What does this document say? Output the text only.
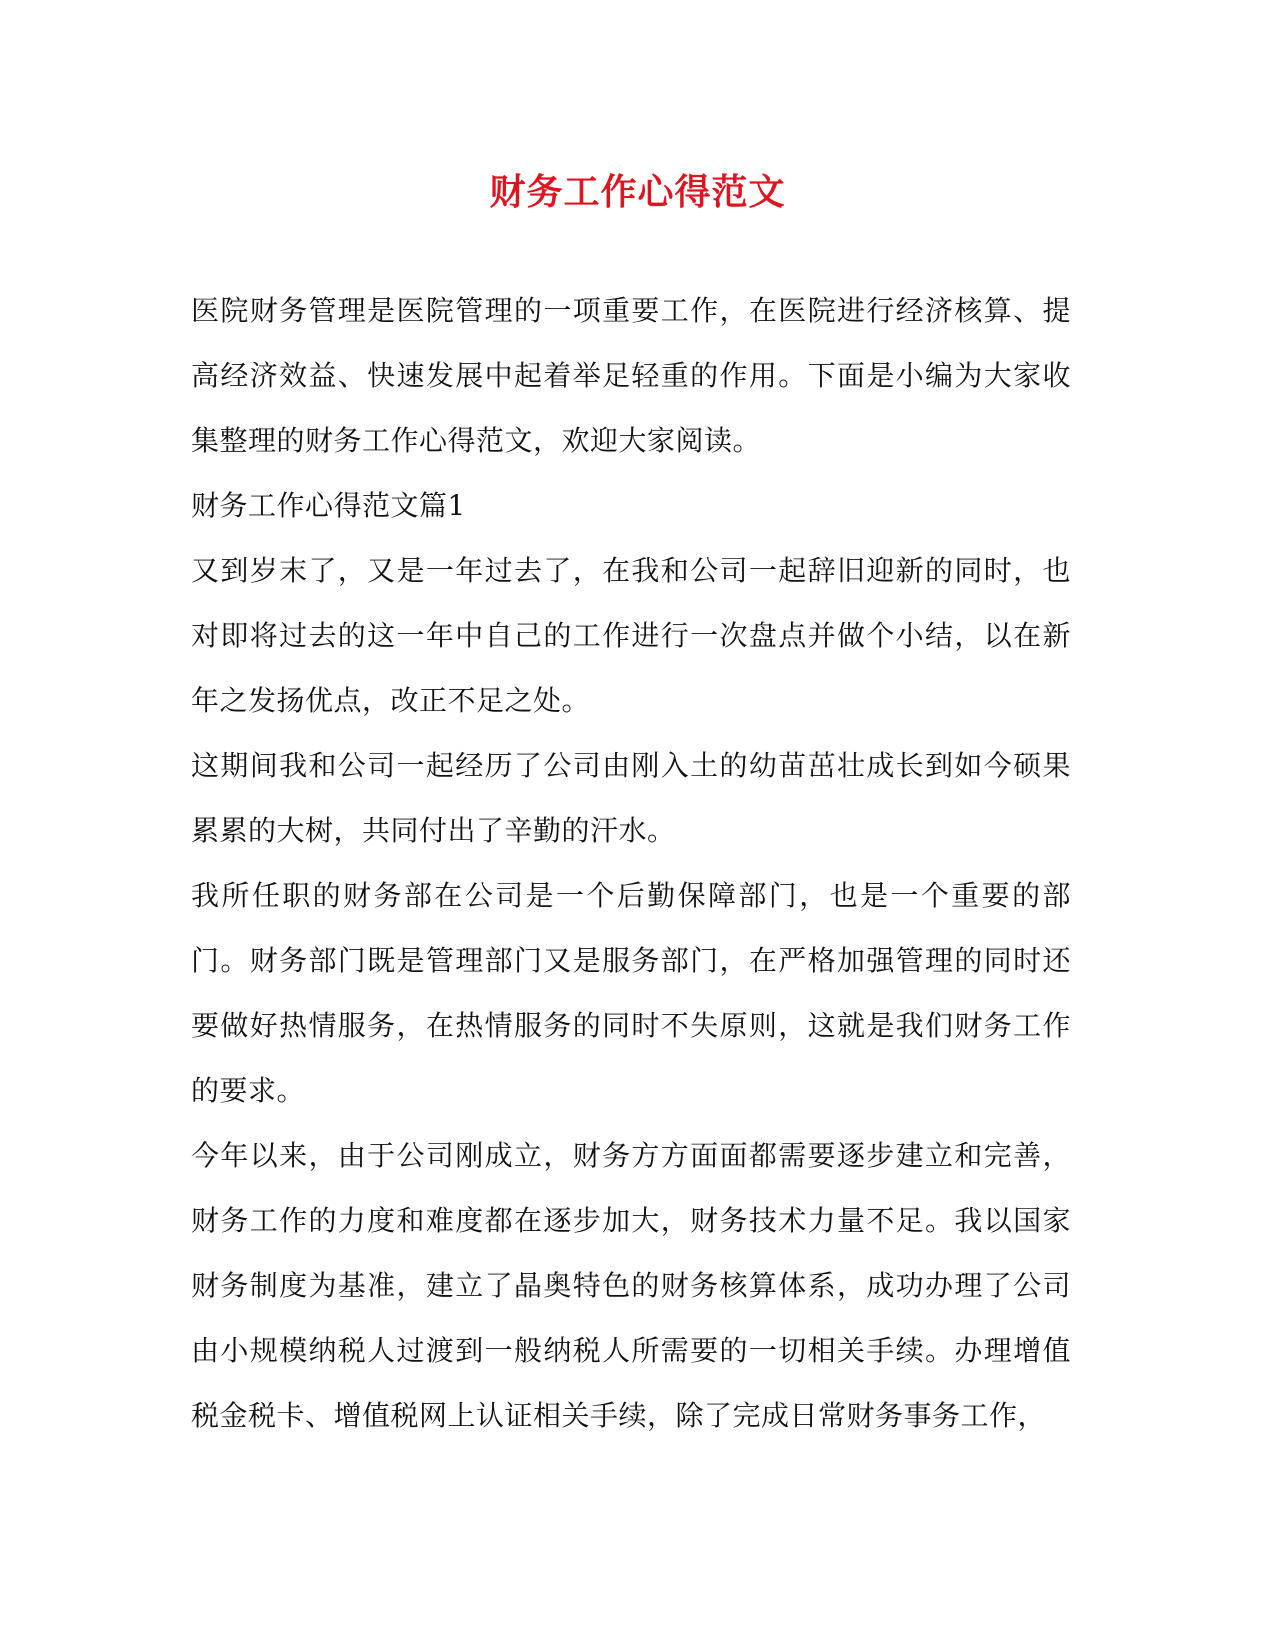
财务工作心得范文

医院财务管理是医院管理的一项重要工作，在医院进行经济核算、提高经济效益、快速发展中起着举足轻重的作用。下面是小编为大家收集整理的财务工作心得范文，欢迎大家阅读。

财务工作心得范文篇1

又到岁末了，又是一年过去了，在我和公司一起辞旧迎新的同时，也对即将过去的这一年中自己的工作进行一次盘点并做个小结，以在新年之发扬优点，改正不足之处。

这期间我和公司一起经历了公司由刚入土的幼苗茁壮成长到如今硕果累累的大树，共同付出了辛勤的汗水。

我所任职的财务部在公司是一个后勤保障部门，也是一个重要的部门。财务部门既是管理部门又是服务部门，在严格加强管理的同时还要做好热情服务，在热情服务的同时不失原则，这就是我们财务工作的要求。

今年以来，由于公司刚成立，财务方方面面都需要逐步建立和完善，财务工作的力度和难度都在逐步加大，财务技术力量不足。我以国家财务制度为基准，建立了晶奥特色的财务核算体系，成功办理了公司由小规模纳税人过渡到一般纳税人所需要的一切相关手续。办理增值税金税卡、增值税网上认证相关手续，除了完成日常财务事务工作，
